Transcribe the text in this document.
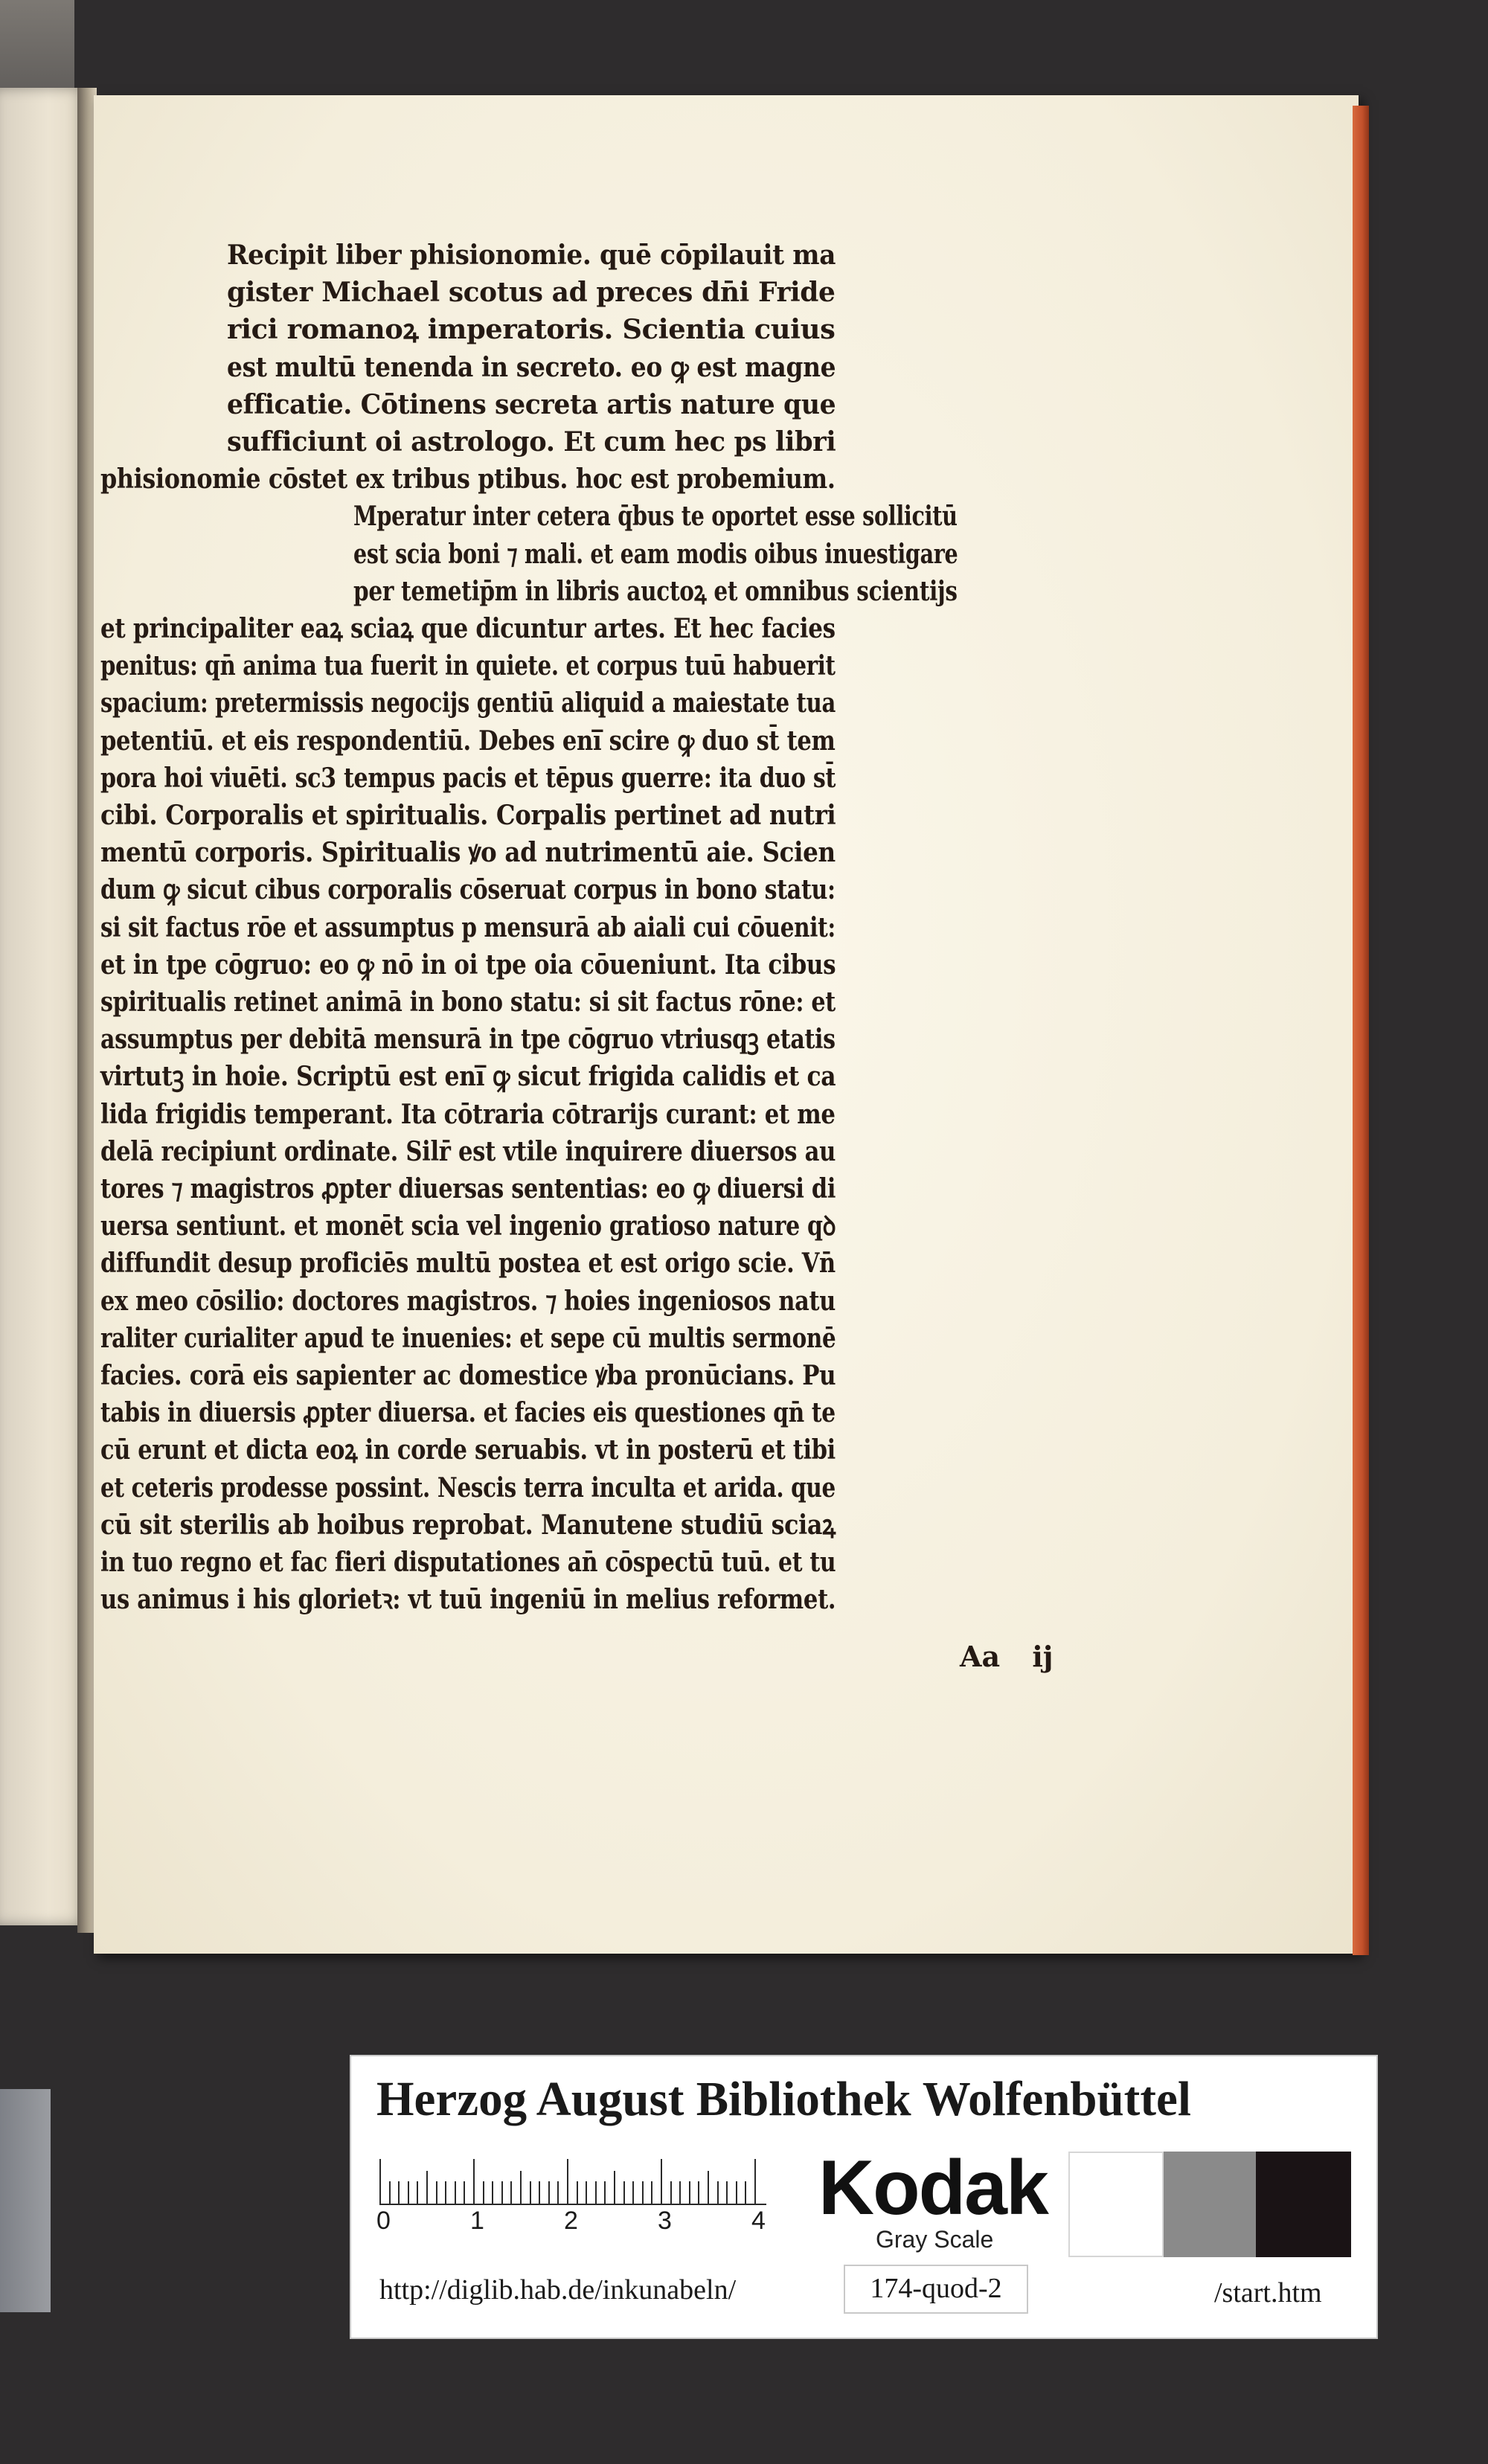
Recipit liber phisionomie. quē cōpilauit ma
gister Michael scotus ad preces dn̄i Fride
rici romanoꝝ imperatoris. Scientia cuius
est multū tenenda in secreto. eo ꝙ est magne
efficatie. Cōtinens secreta artis nature que
sufficiunt oi astrologo. Et cum hec ps libri
phisionomie cōstet ex tribus ptibus. hoc est probemium.
Mperatur inter cetera q̄bus te oportet esse sollicitū
est scia boni ⁊ mali. et eam modis oibus inuestigare
per temetip̄m in libris auctoꝝ et omnibus scientijs
et principaliter eaꝝ sciaꝝ que dicuntur artes. Et hec facies
penitus: qn̄ anima tua fuerit in quiete. et corpus tuū habuerit
spacium: pretermissis negocijs gentiū aliquid a maiestate tua
petentiū. et eis respondentiū. Debes eni̅ scire ꝙ duo st̄ tem
pora hoi viuēti. sc3 tempus pacis et tēpus guerre: ita duo st̄
cibi. Corporalis et spiritualis. Corpalis pertinet ad nutri
mentū corporis. Spiritualis ꝟo ad nutrimentū aie. Scien
dum ꝙ sicut cibus corporalis cōseruat corpus in bono statu:
si sit factus rōe et assumptus p mensurā ab aiali cui cōuenit:
et in tpe cōgruo: eo ꝙ nō in oi tpe oia cōueniunt. Ita cibus
spiritualis retinet animā in bono statu: si sit factus rōne: et
assumptus per debitā mensurā in tpe cōgruo vtriusqꝫ etatis
virtutꝫ in hoie. Scriptū est eni̅ ꝙ sicut frigida calidis et ca
lida frigidis temperant. Ita cōtraria cōtrarijs curant: et me
delā recipiunt ordinate. Silr̄ est vtile inquirere diuersos au
tores ⁊ magistros ꝓpter diuersas sententias: eo ꝙ diuersi di
uersa sentiunt. et monēt scia vel ingenio gratioso nature qꝺ
diffundit desup proficiēs multū postea et est origo scie. Vn̄
ex meo cōsilio: doctores magistros. ⁊ hoies ingeniosos natu
raliter curialiter apud te inuenies: et sepe cū multis sermonē
facies. corā eis sapienter ac domestice ꝟba pronūcians. Pu
tabis in diuersis ꝓpter diuersa. et facies eis questiones qn̄ te
cū erunt et dicta eoꝝ in corde seruabis. vt in posterū et tibi
et ceteris prodesse possint. Nescis terra inculta et arida. que
cū sit sterilis ab hoibus reprobat. Manutene studiū sciaꝝ
in tuo regno et fac fieri disputationes an̄ cōspectū tuū. et tu
us animus i his glorietꝛ: vt tuū ingeniū in melius reformet.
Aa ij
Herzog August Bibliothek Wolfenbüttel
0	1	2	3	4 Kodak
Gray Scale
http://diglib.hab.de/inkunabeln/	174-quod-2	/start.htm
